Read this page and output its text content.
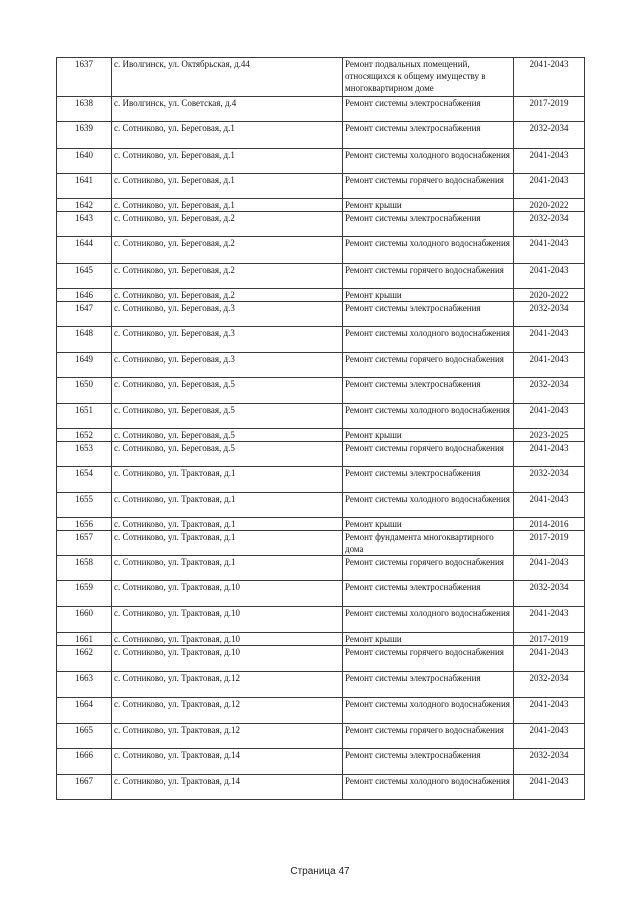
1637	с. Иволгинск, ул. Октябрьская, д.44	Ремонт подвальных помещений, относящихся к общему имуществу в многоквартирном доме	2041-2043
1638	с. Иволгинск, ул. Советская, д.4	Ремонт системы электроснабжения	2017-2019
1639	с. Сотниково, ул. Береговая, д.1	Ремонт системы электроснабжения	2032-2034
1640	с. Сотниково, ул. Береговая, д.1	Ремонт системы холодного водоснабжения	2041-2043
1641	с. Сотниково, ул. Береговая, д.1	Ремонт системы горячего водоснабжения	2041-2043
1642	с. Сотниково, ул. Береговая, д.1	Ремонт крыши	2020-2022
1643	с. Сотниково, ул. Береговая, д.2	Ремонт системы электроснабжения	2032-2034
1644	с. Сотниково, ул. Береговая, д.2	Ремонт системы холодного водоснабжения	2041-2043
1645	с. Сотниково, ул. Береговая, д.2	Ремонт системы горячего водоснабжения	2041-2043
1646	с. Сотниково, ул. Береговая, д.2	Ремонт крыши	2020-2022
1647	с. Сотниково, ул. Береговая, д.3	Ремонт системы электроснабжения	2032-2034
1648	с. Сотниково, ул. Береговая, д.3	Ремонт системы холодного водоснабжения	2041-2043
1649	с. Сотниково, ул. Береговая, д.3	Ремонт системы горячего водоснабжения	2041-2043
1650	с. Сотниково, ул. Береговая, д.5	Ремонт системы электроснабжения	2032-2034
1651	с. Сотниково, ул. Береговая, д.5	Ремонт системы холодного водоснабжения	2041-2043
1652	с. Сотниково, ул. Береговая, д.5	Ремонт крыши	2023-2025
1653	с. Сотниково, ул. Береговая, д.5	Ремонт системы горячего водоснабжения	2041-2043
1654	с. Сотниково, ул. Трактовая, д.1	Ремонт системы электроснабжения	2032-2034
1655	с. Сотниково, ул. Трактовая, д.1	Ремонт системы холодного водоснабжения	2041-2043
1656	с. Сотниково, ул. Трактовая, д.1	Ремонт крыши	2014-2016
1657	с. Сотниково, ул. Трактовая, д.1	Ремонт фундамента многоквартирного дома	2017-2019
1658	с. Сотниково, ул. Трактовая, д.1	Ремонт системы горячего водоснабжения	2041-2043
1659	с. Сотниково, ул. Трактовая, д.10	Ремонт системы электроснабжения	2032-2034
1660	с. Сотниково, ул. Трактовая, д.10	Ремонт системы холодного водоснабжения	2041-2043
1661	с. Сотниково, ул. Трактовая, д.10	Ремонт крыши	2017-2019
1662	с. Сотниково, ул. Трактовая, д.10	Ремонт системы горячего водоснабжения	2041-2043
1663	с. Сотниково, ул. Трактовая, д.12	Ремонт системы электроснабжения	2032-2034
1664	с. Сотниково, ул. Трактовая, д.12	Ремонт системы холодного водоснабжения	2041-2043
1665	с. Сотниково, ул. Трактовая, д.12	Ремонт системы горячего водоснабжения	2041-2043
1666	с. Сотниково, ул. Трактовая, д.14	Ремонт системы электроснабжения	2032-2034
1667	с. Сотниково, ул. Трактовая, д.14	Ремонт системы холодного водоснабжения	2041-2043
Страница 47
